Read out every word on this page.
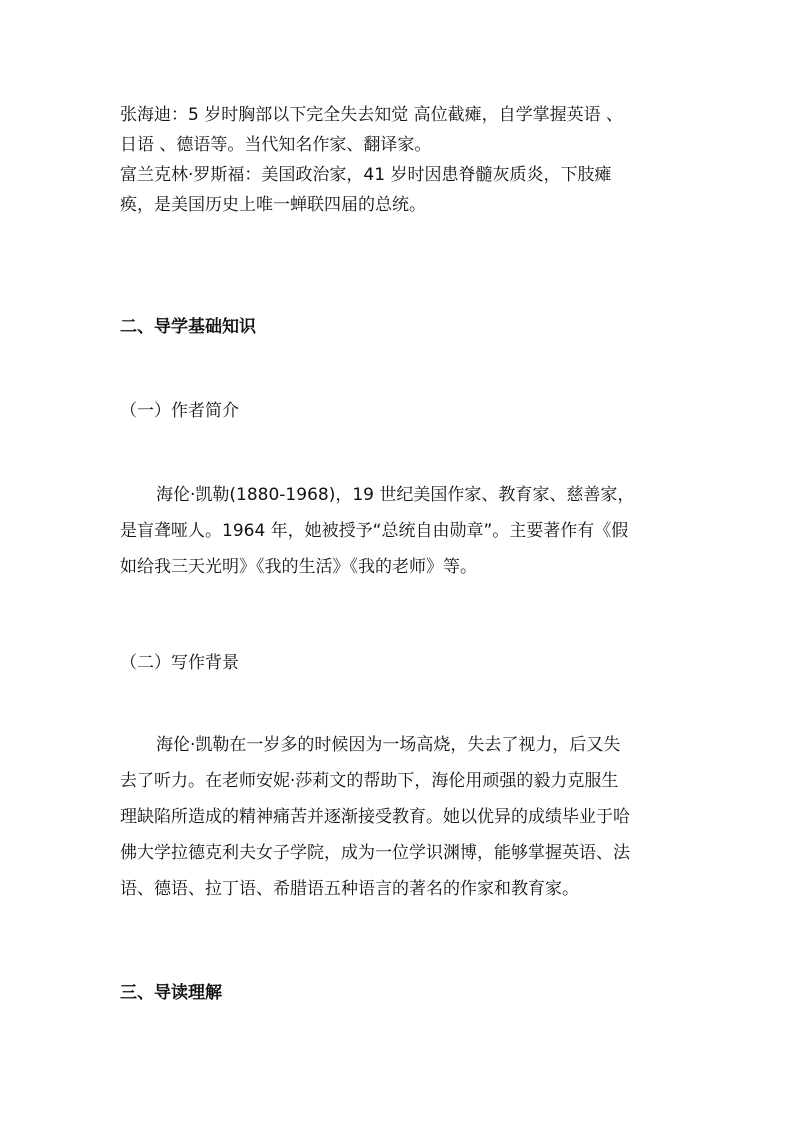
张海迪：5 岁时胸部以下完全失去知觉 高位截瘫，自学掌握英语 、
日语 、德语等。当代知名作家、翻译家。
富兰克林·罗斯福：美国政治家，41 岁时因患脊髓灰质炎，下肢瘫
痪，是美国历史上唯一蝉联四届的总统。
二、导学基础知识
（一）作者简介
海伦·凯勒(1880-1968)，19 世纪美国作家、教育家、慈善家，
是盲聋哑人。1964 年，她被授予“总统自由勋章”。主要著作有《假
如给我三天光明》《我的生活》《我的老师》等。
（二）写作背景
海伦·凯勒在一岁多的时候因为一场高烧，失去了视力，后又失
去了听力。在老师安妮·莎莉文的帮助下，海伦用顽强的毅力克服生
理缺陷所造成的精神痛苦并逐渐接受教育。她以优异的成绩毕业于哈
佛大学拉德克利夫女子学院，成为一位学识渊博，能够掌握英语、法
语、德语、拉丁语、希腊语五种语言的著名的作家和教育家。
三、导读理解
